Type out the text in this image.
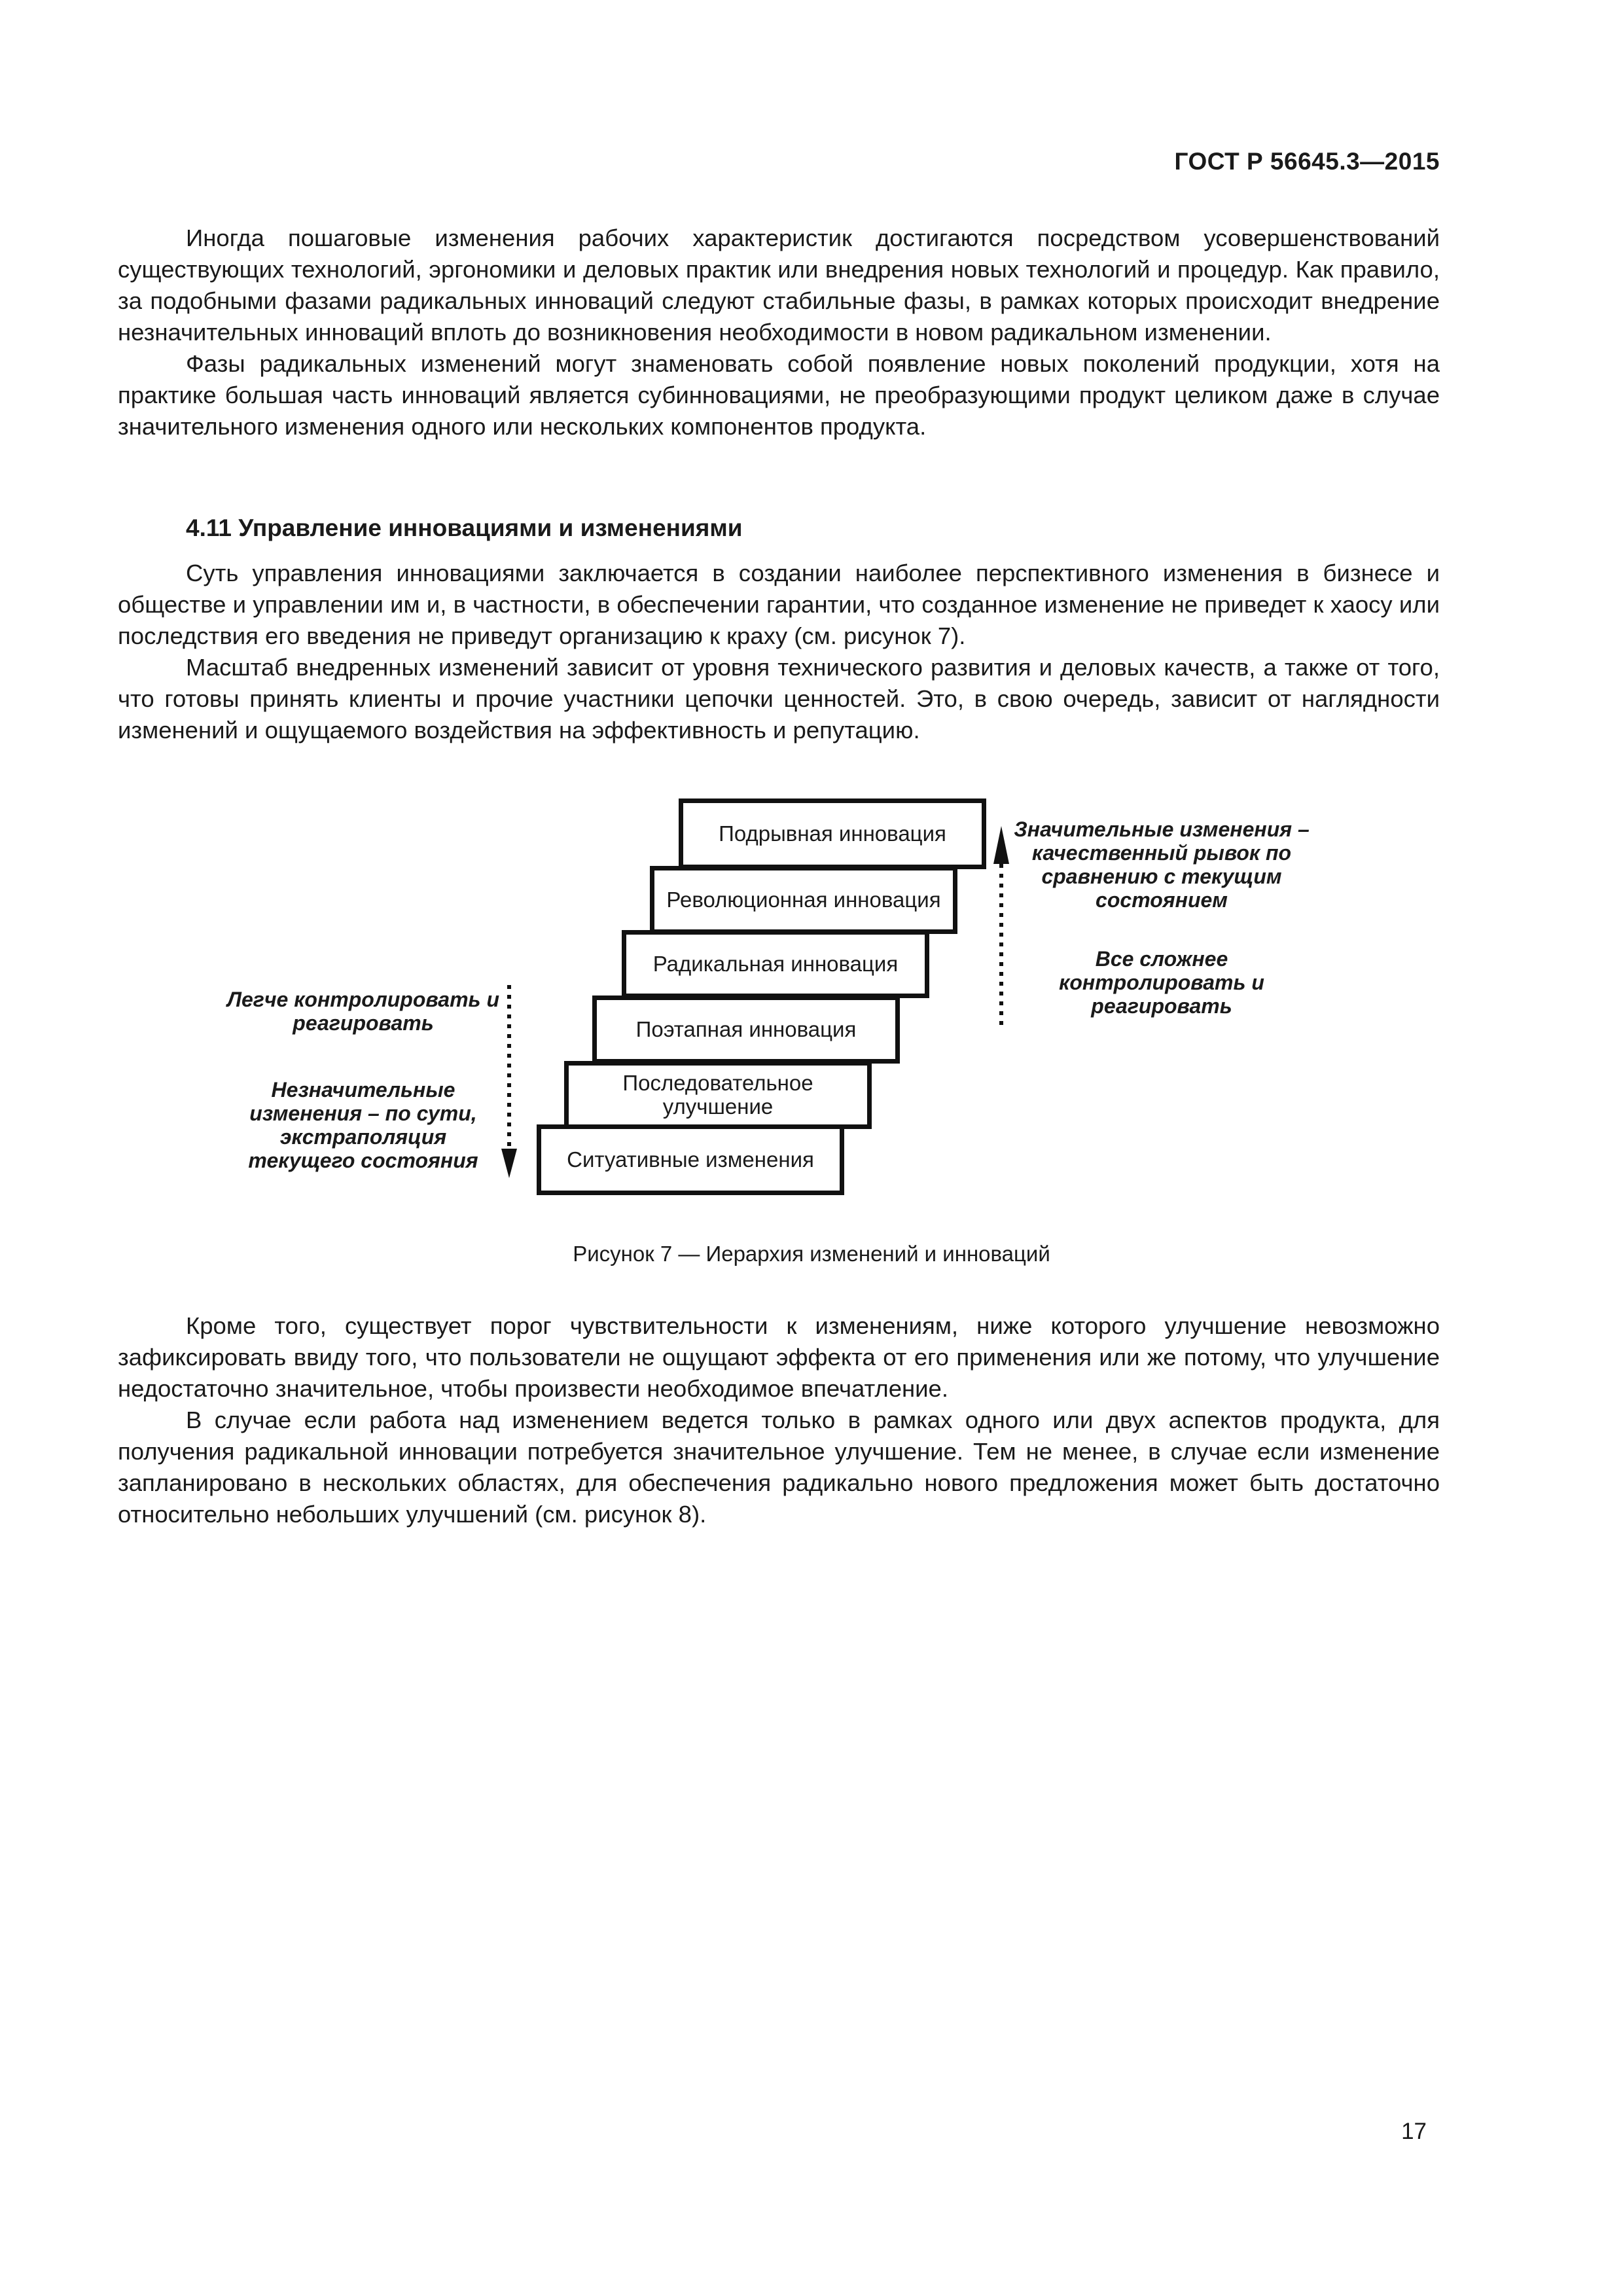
ГОСТ Р 56645.3—2015

Иногда пошаговые изменения рабочих характеристик достигаются посредством усовершенствований существующих технологий, эргономики и деловых практик или внедрения новых технологий и процедур. Как правило, за подобными фазами радикальных инноваций следуют стабильные фазы, в рамках которых происходит внедрение незначительных инноваций вплоть до возникновения необходимости в новом радикальном изменении.

Фазы радикальных изменений могут знаменовать собой появление новых поколений продукции, хотя на практике большая часть инноваций является субинновациями, не преобразующими продукт целиком даже в случае значительного изменения одного или нескольких компонентов продукта.

4.11 Управление инновациями и изменениями

Суть управления инновациями заключается в создании наиболее перспективного изменения в бизнесе и обществе и управлении им и, в частности, в обеспечении гарантии, что созданное изменение не приведет к хаосу или последствия его введения не приведут организацию к краху (см. рисунок 7).

Масштаб внедренных изменений зависит от уровня технического развития и деловых качеств, а также от того, что готовы принять клиенты и прочие участники цепочки ценностей. Это, в свою очередь, зависит от наглядности изменений и ощущаемого воздействия на эффективность и репутацию.

Ситуативные изменения
Последовательное улучшение
Поэтапная инновация
Радикальная инновация
Революционная инновация
Подрывная инновация
Легче контролировать и реагировать
Незначительные изменения – по сути, экстраполяция текущего состояния
Значительные изменения – качественный рывок по сравнению с текущим состоянием
Все сложнее контролировать и реагировать
Рисунок 7 — Иерархия изменений и инноваций

Кроме того, существует порог чувствительности к изменениям, ниже которого улучшение невозможно зафиксировать ввиду того, что пользователи не ощущают эффекта от его применения или же потому, что улучшение недостаточно значительное, чтобы произвести необходимое впечатление.

В случае если работа над изменением ведется только в рамках одного или двух аспектов продукта, для получения радикальной инновации потребуется значительное улучшение. Тем не менее, в случае если изменение запланировано в нескольких областях, для обеспечения радикально нового предложения может быть достаточно относительно небольших улучшений (см. рисунок 8).

17
